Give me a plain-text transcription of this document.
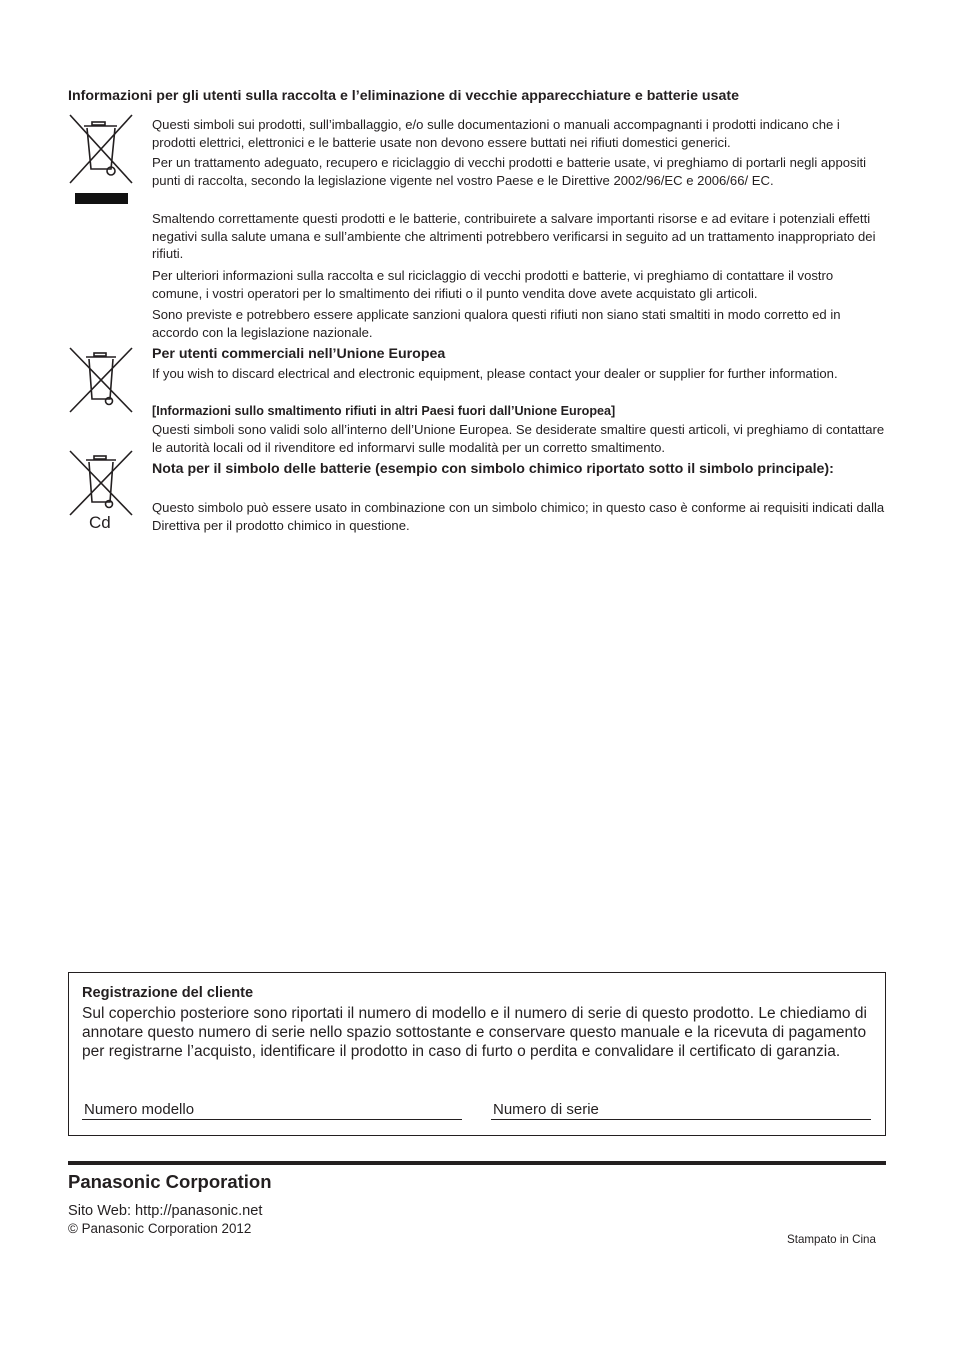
Informazioni per gli utenti sulla raccolta e l’eliminazione di vecchie apparecchiature e batterie usate
Questi simboli sui prodotti, sull’imballaggio, e/o sulle documentazioni o manuali accompagnanti i prodotti indicano che i prodotti elettrici, elettronici e le batterie usate non devono essere buttati nei rifiuti domestici generici.
Per un trattamento adeguato, recupero e riciclaggio di vecchi prodotti e batterie usate, vi preghiamo di portarli negli appositi punti di raccolta, secondo la legislazione vigente nel vostro Paese e le Direttive 2002/96/EC e 2006/66/ EC.
Smaltendo correttamente questi prodotti e le batterie, contribuirete a salvare importanti risorse e ad evitare i potenziali effetti negativi sulla salute umana e sull’ambiente che altrimenti potrebbero verificarsi in seguito ad un trattamento inappropriato dei rifiuti.
Per ulteriori informazioni sulla raccolta e sul riciclaggio di vecchi prodotti e batterie, vi preghiamo di contattare il vostro comune, i vostri operatori per lo smaltimento dei rifiuti o il punto vendita dove avete acquistato gli articoli.
Sono previste e potrebbero essere applicate sanzioni qualora questi rifiuti non siano stati smaltiti in modo corretto ed in accordo con la legislazione nazionale.
Per utenti commerciali nell’Unione Europea
If you wish to discard electrical and electronic equipment, please contact your dealer or supplier for further information.
[Informazioni sullo smaltimento rifiuti in altri Paesi fuori dall’Unione Europea]
Questi simboli sono validi solo all’interno dell’Unione Europea. Se desiderate smaltire questi articoli, vi preghiamo di contattare le autorità locali od il rivenditore ed informarvi sulle modalità per un corretto smaltimento.
Cd
Nota per il simbolo delle batterie (esempio con simbolo chimico riportato sotto il simbolo principale):
Questo simbolo può essere usato in combinazione con un simbolo chimico; in questo caso è conforme ai requisiti indicati dalla Direttiva per il prodotto chimico in questione.
Registrazione del cliente
Sul coperchio posteriore sono riportati il numero di modello e il numero di serie di questo prodotto. Le chiediamo di annotare questo numero di serie nello spazio sottostante e conservare questo manuale e la ricevuta di pagamento per registrarne l’acquisto, identificare il prodotto in caso di furto o perdita e convalidare il certificato di garanzia.
Numero modello	Numero di serie
Panasonic Corporation
Sito Web: http://panasonic.net
© Panasonic Corporation 2012
Stampato in Cina
